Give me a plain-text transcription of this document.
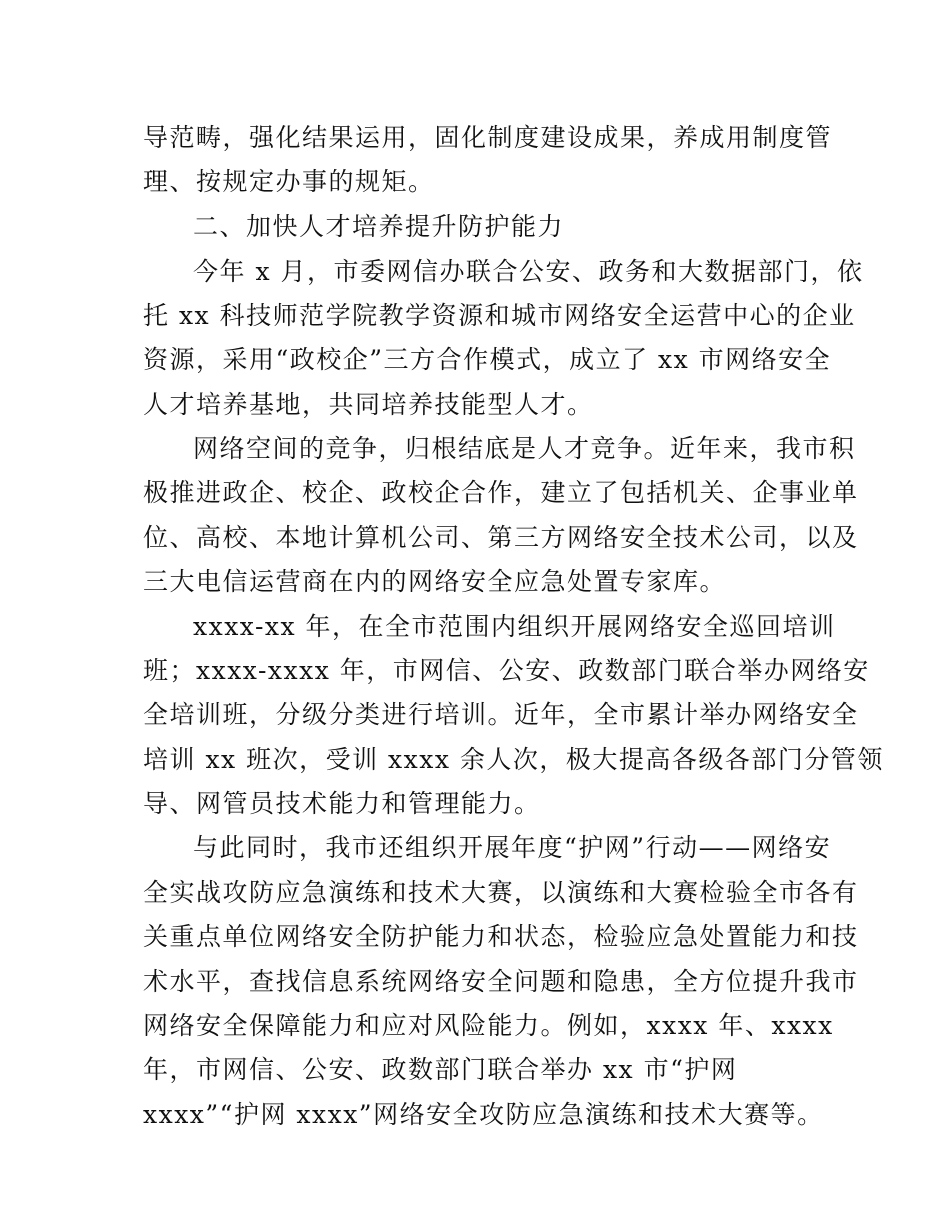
导范畴，强化结果运用，固化制度建设成果，养成用制度管
理、按规定办事的规矩。
二、加快人才培养提升防护能力
今年 x 月，市委网信办联合公安、政务和大数据部门，依
托 xx 科技师范学院教学资源和城市网络安全运营中心的企业
资源，采用“政校企”三方合作模式，成立了 xx 市网络安全
人才培养基地，共同培养技能型人才。
网络空间的竞争，归根结底是人才竞争。近年来，我市积
极推进政企、校企、政校企合作，建立了包括机关、企事业单
位、高校、本地计算机公司、第三方网络安全技术公司，以及
三大电信运营商在内的网络安全应急处置专家库。
xxxx-xx 年，在全市范围内组织开展网络安全巡回培训
班；xxxx-xxxx 年，市网信、公安、政数部门联合举办网络安
全培训班，分级分类进行培训。近年，全市累计举办网络安全
培训 xx 班次，受训 xxxx 余人次，极大提高各级各部门分管领
导、网管员技术能力和管理能力。
与此同时，我市还组织开展年度“护网”行动——网络安
全实战攻防应急演练和技术大赛，以演练和大赛检验全市各有
关重点单位网络安全防护能力和状态，检验应急处置能力和技
术水平，查找信息系统网络安全问题和隐患，全方位提升我市
网络安全保障能力和应对风险能力。例如，xxxx 年、xxxx
年，市网信、公安、政数部门联合举办 xx 市“护网
xxxx”“护网 xxxx”网络安全攻防应急演练和技术大赛等。
